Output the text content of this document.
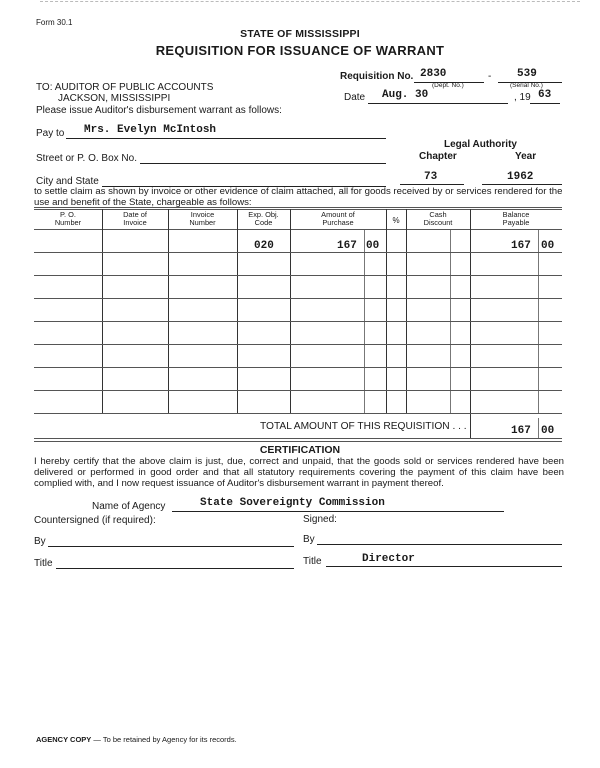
Form 30.1
STATE OF MISSISSIPPI
REQUISITION FOR ISSUANCE OF WARRANT
TO: AUDITOR OF PUBLIC ACCOUNTS
JACKSON, MISSISSIPPI
Please issue Auditor's disbursement warrant as follows:
Requisition No. 2830	- 539
(Dept. No.)	(Serial No.)
Date Aug. 30	, 19 63
Pay to Mrs. Evelyn McIntosh
Legal Authority
Chapter	Year
Street or P. O. Box No.
City and State	73	1962
to settle claim as shown by invoice or other evidence of claim attached, all for goods received by or services rendered for the use and benefit of the State, chargeable as follows:
P. O.
Number
Date of
Invoice
Invoice
Number
Exp. Obj.
Code
Amount of
Purchase	%
Cash
Discount
Balance
Payable
020	167 00	167 00
TOTAL AMOUNT OF THIS REQUISITION . . .	167 00
CERTIFICATION
I hereby certify that the above claim is just, due, correct and unpaid, that the goods sold or services rendered have been delivered or performed in good order and that all statutory requirements covering the payment of this claim have been complied with, and I now request issuance of Auditor's disbursement warrant in payment thereof.
Name of Agency	State Sovereignty Commission
Countersigned (if required):	Signed:
By	By
Title	Title	Director
AGENCY COPY — To be retained by Agency for its records.
